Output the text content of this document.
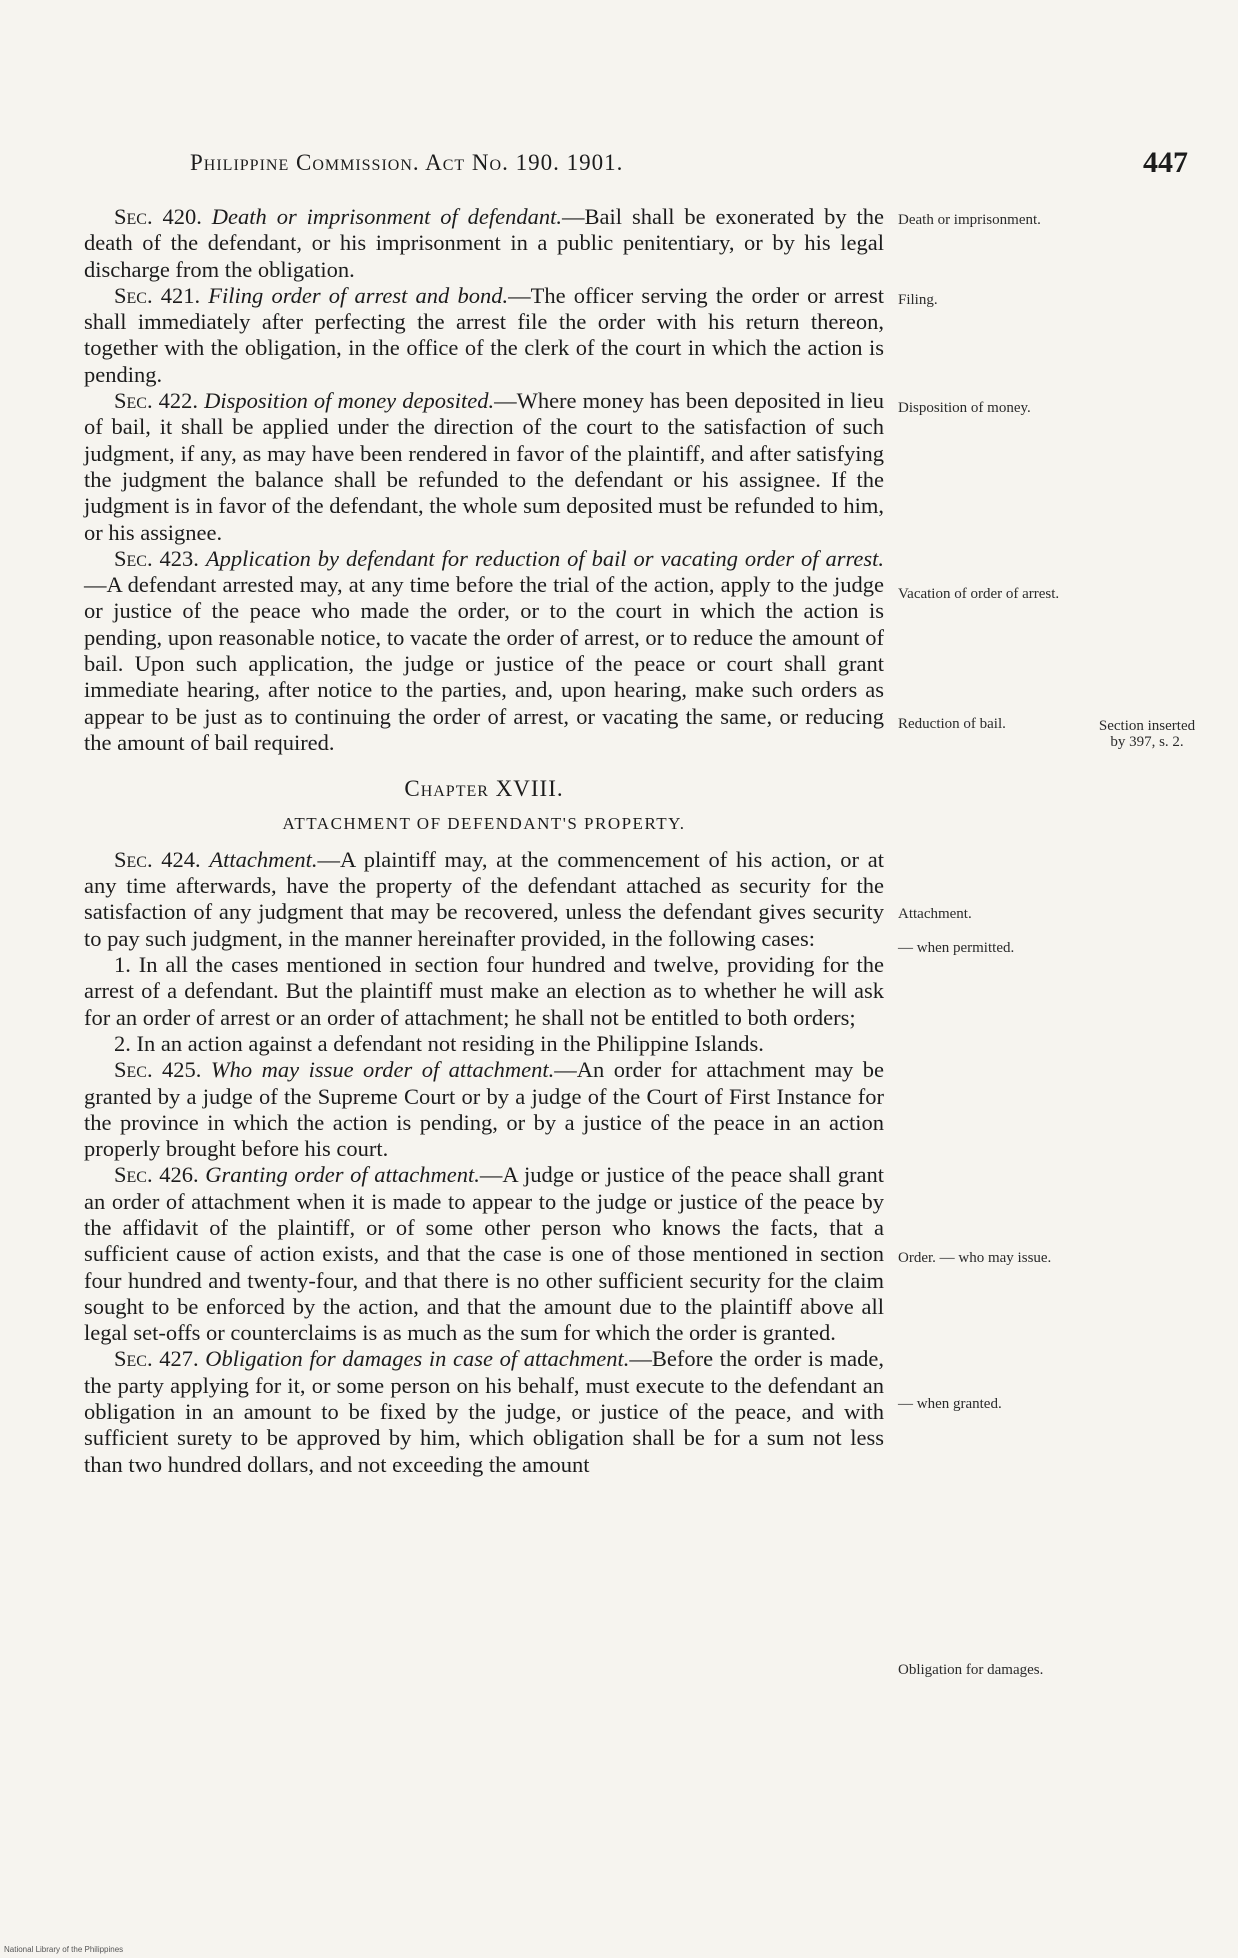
Philippine Commission. Act No. 190. 1901.	447

Sec. 420. Death or imprisonment of defendant.—Bail shall be exonerated by the death of the defendant, or his imprisonment in a public penitentiary, or by his legal discharge from the obligation.

Sec. 421. Filing order of arrest and bond.—The officer serving the order or arrest shall immediately after perfecting the arrest file the order with his return thereon, together with the obligation, in the office of the clerk of the court in which the action is pending.

Sec. 422. Disposition of money deposited.—Where money has been deposited in lieu of bail, it shall be applied under the direction of the court to the satisfaction of such judgment, if any, as may have been rendered in favor of the plaintiff, and after satisfying the judgment the balance shall be refunded to the defendant or his assignee. If the judgment is in favor of the defendant, the whole sum deposited must be refunded to him, or his assignee.

Sec. 423. Application by defendant for reduction of bail or vacating order of arrest.—A defendant arrested may, at any time before the trial of the action, apply to the judge or justice of the peace who made the order, or to the court in which the action is pending, upon reasonable notice, to vacate the order of arrest, or to reduce the amount of bail. Upon such application, the judge or justice of the peace or court shall grant immediate hearing, after notice to the parties, and, upon hearing, make such orders as appear to be just as to continuing the order of arrest, or vacating the same, or reducing the amount of bail required.

Chapter XVIII.
ATTACHMENT OF DEFENDANT'S PROPERTY.

Sec. 424. Attachment.—A plaintiff may, at the commencement of his action, or at any time afterwards, have the property of the defendant attached as security for the satisfaction of any judgment that may be recovered, unless the defendant gives security to pay such judgment, in the manner hereinafter provided, in the following cases:

1. In all the cases mentioned in section four hundred and twelve, providing for the arrest of a defendant. But the plaintiff must make an election as to whether he will ask for an order of arrest or an order of attachment; he shall not be entitled to both orders;

2. In an action against a defendant not residing in the Philippine Islands.

Sec. 425. Who may issue order of attachment.—An order for attachment may be granted by a judge of the Supreme Court or by a judge of the Court of First Instance for the province in which the action is pending, or by a justice of the peace in an action properly brought before his court.

Sec. 426. Granting order of attachment.—A judge or justice of the peace shall grant an order of attachment when it is made to appear to the judge or justice of the peace by the affidavit of the plaintiff, or of some other person who knows the facts, that a sufficient cause of action exists, and that the case is one of those mentioned in section four hundred and twenty-four, and that there is no other sufficient security for the claim sought to be enforced by the action, and that the amount due to the plaintiff above all legal set-offs or counterclaims is as much as the sum for which the order is granted.

Sec. 427. Obligation for damages in case of attachment.—Before the order is made, the party applying for it, or some person on his behalf, must execute to the defendant an obligation in an amount to be fixed by the judge, or justice of the peace, and with sufficient surety to be approved by him, which obligation shall be for a sum not less than two hundred dollars, and not exceeding the amount

Death or imprisonment.
Filing.
Disposition of money.
Vacation of order of arrest.
Reduction of bail.
Attachment.
— when permitted.
Order. — who may issue.
— when granted.
Obligation for damages.
Section inserted by 397, s. 2.
National Library of the Philippines
